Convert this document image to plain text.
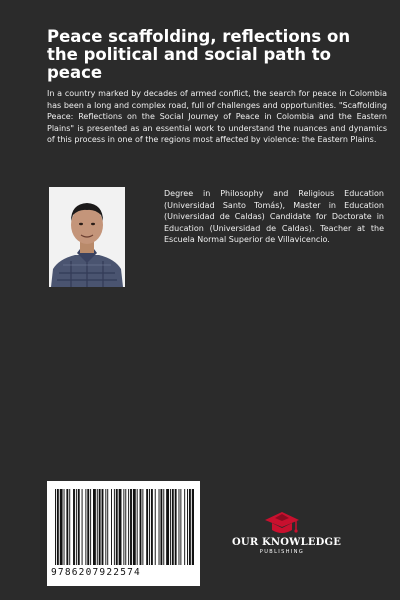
Peace scaffolding, reflections on the political and social path to peace

In a country marked by decades of armed conflict, the search for peace in Colombia has been a long and complex road, full of challenges and opportunities. "Scaffolding Peace: Reflections on the Social Journey of Peace in Colombia and the Eastern Plains" is presented as an essential work to understand the nuances and dynamics of this process in one of the regions most affected by violence: the Eastern Plains.

Degree in Philosophy and Religious Education (Universidad Santo Tomás), Master in Education (Universidad de Caldas) Candidate for Doctorate in Education (Universidad de Caldas). Teacher at the Escuela Normal Superior de Villavicencio.

9786207922574
OUR KNOWLEDGE
PUBLISHING
